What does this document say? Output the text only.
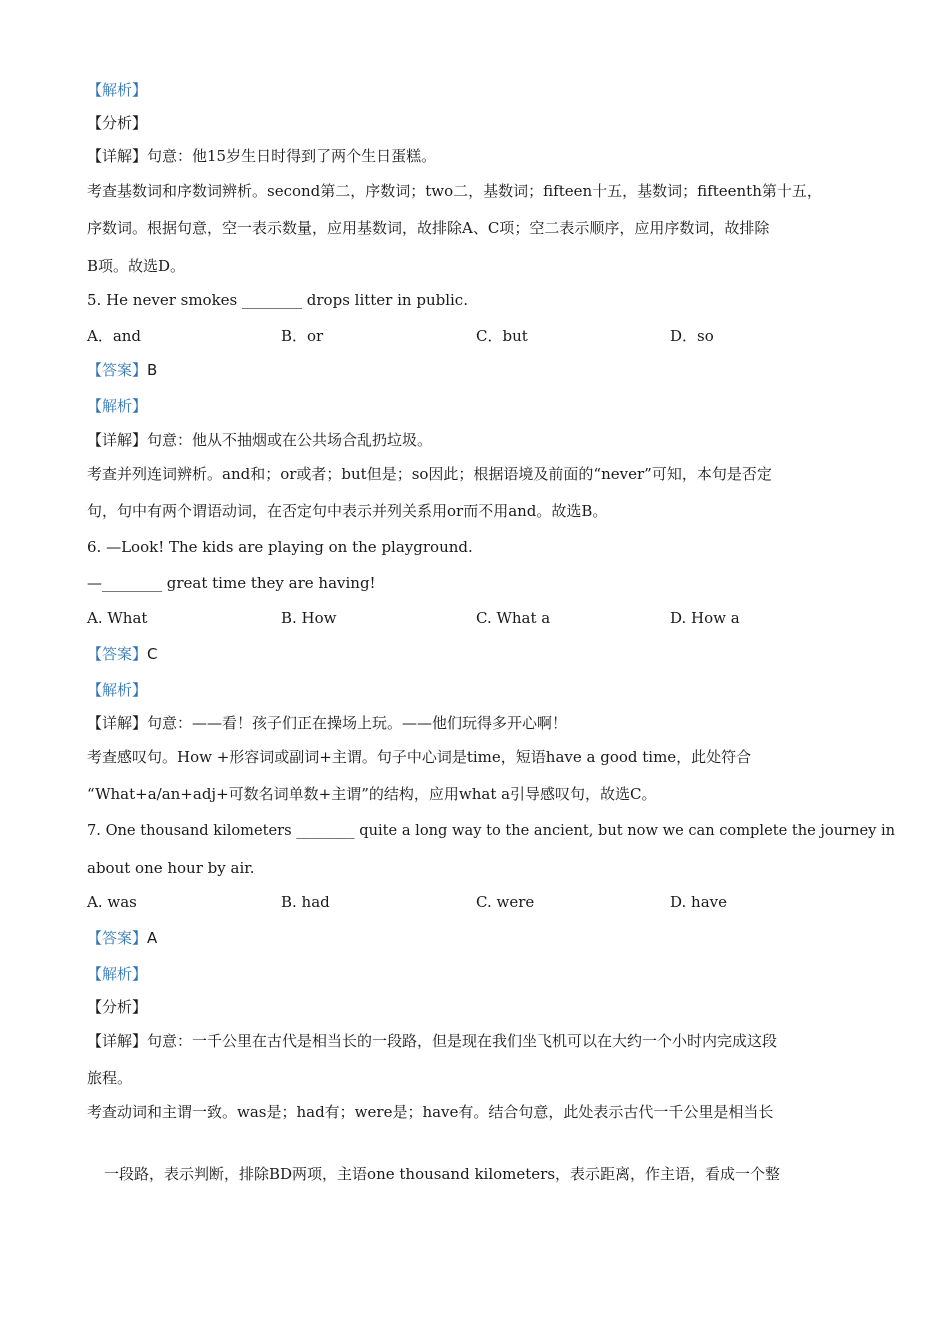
【解析】
【分析】
【详解】句意：他15岁生日时得到了两个生日蛋糕。
考查基数词和序数词辨析。second第二，序数词；two二，基数词；fifteen十五，基数词；fifteenth第十五，
序数词。根据句意，空一表示数量，应用基数词，故排除A、C项；空二表示顺序，应用序数词，故排除
B项。故选D。
5. He never smokes ________ drops litter in public.
A．and	B．or	C．but	D．so
【答案】B
【解析】
【详解】句意：他从不抽烟或在公共场合乱扔垃圾。
考查并列连词辨析。and和；or或者；but但是；so因此；根据语境及前面的“never”可知，本句是否定
句，句中有两个谓语动词，在否定句中表示并列关系用or而不用and。故选B。
6. —Look! The kids are playing on the playground.
—________ great time they are having!
A. What	B. How	C. What a	D. How a
【答案】C
【解析】
【详解】句意：——看！孩子们正在操场上玩。——他们玩得多开心啊！
考查感叹句。How +形容词或副词+主谓。句子中心词是time，短语have a good time，此处符合
“What+a/an+adj+可数名词单数+主谓”的结构，应用what a引导感叹句，故选C。
7. One thousand kilometers ________ quite a long way to the ancient, but now we can complete the journey in
about one hour by air.
A. was	B. had	C. were	D. have
【答案】A
【解析】
【分析】
【详解】句意：一千公里在古代是相当长的一段路，但是现在我们坐飞机可以在大约一个小时内完成这段
旅程。
考查动词和主谓一致。was是；had有；were是；have有。结合句意，此处表示古代一千公里是相当长
一段路，表示判断，排除BD两项，主语one thousand kilometers，表示距离，作主语，看成一个整
